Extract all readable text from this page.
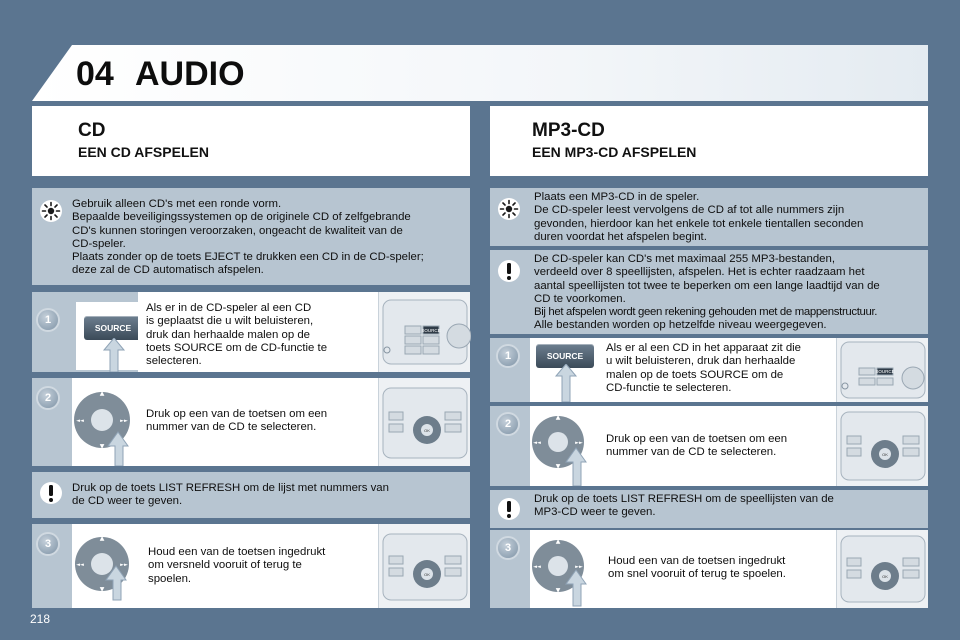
04 AUDIO
CD
EEN CD AFSPELEN
MP3-CD
EEN MP3-CD AFSPELEN
Gebruik alleen CD's met een ronde vorm.
Bepaalde beveiligingssystemen op de originele CD of zelfgebrande
CD's kunnen storingen veroorzaken, ongeacht de kwaliteit van de
CD-speler.
Plaats zonder op de toets EJECT te drukken een CD in de CD-speler;
deze zal de CD automatisch afspelen.
1
SOURCE
Als er in de CD-speler al een CD
is geplaatst die u wilt beluisteren,
druk dan herhaalde malen op de
toets SOURCE om de CD-functie te
selecteren.
SOURCE
2	▲
▼
◄◄	►►
Druk op een van de toetsen om een
nummer van de CD te selecteren.	OK
Druk op de toets LIST REFRESH om de lijst met nummers van
de CD weer te geven.
3	▲
▼
◄◄	►►
Houd een van de toetsen ingedrukt
om versneld vooruit of terug te
spoelen.	OK
Plaats een MP3-CD in de speler.
De CD-speler leest vervolgens de CD af tot alle nummers zijn
gevonden, hierdoor kan het enkele tot enkele tientallen seconden
duren voordat het afspelen begint.
De CD-speler kan CD's met maximaal 255 MP3-bestanden,
verdeeld over 8 speellijsten, afspelen. Het is echter raadzaam het
aantal speellijsten tot twee te beperken om een lange laadtijd van de
CD te voorkomen.
Bij het afspelen wordt geen rekening gehouden met de mappenstructuur.
Alle bestanden worden op hetzelfde niveau weergegeven.
1	SOURCE
Als er al een CD in het apparaat zit die
u wilt beluisteren, druk dan herhaalde
malen op de toets SOURCE om de
CD-functie te selecteren.
SOURCE
2
▲
▼
◄◄	►► Druk op een van de toetsen om een
nummer van de CD te selecteren.	OK
Druk op de toets LIST REFRESH om de speellijsten van de
MP3-CD weer te geven.
3
▲
▼
◄◄	►► Houd een van de toetsen ingedrukt
om snel vooruit of terug te spoelen.	OK
218
